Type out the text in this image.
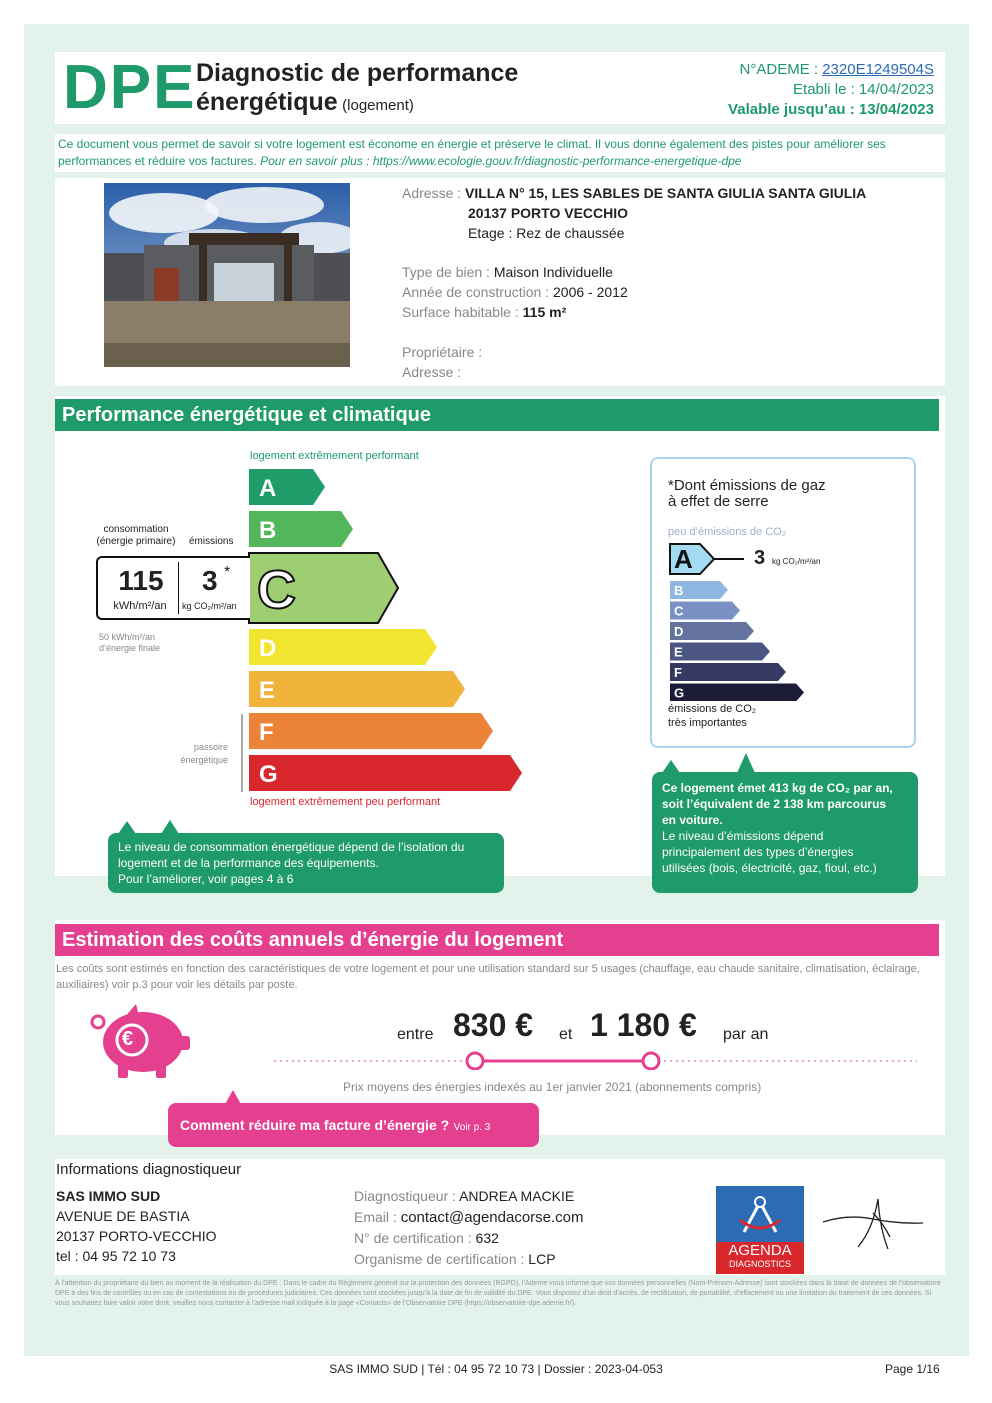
DPE Diagnostic de performance
énergétique (logement)
N°ADEME : 2320E1249504S
Etabli le : 14/04/2023
Valable jusqu’au : 13/04/2023
Ce document vous permet de savoir si votre logement est économe en énergie et préserve le climat. Il vous donne également des pistes pour améliorer ses performances et réduire vos factures. Pour en savoir plus : https://www.ecologie.gouv.fr/diagnostic-performance-energetique-dpe
Adresse : VILLA N° 15, LES SABLES DE SANTA GIULIA SANTA GIULIA
20137 PORTO VECCHIO
Etage : Rez de chaussée
Type de bien : Maison Individuelle
Année de construction : 2006 - 2012
Surface habitable : 115 m²
Propriétaire :
Adresse :
Performance énergétique et climatique
logement extrêmement performant
logement extrêmement peu performant
A
B
C
D
E
F
G
consommation
(énergie primaire) émissions
115
kWh/m²/an
3 *
kg CO₂/m²/an
50 kWh/m²/an
d’énergie finale
passoire
énergétique
Le niveau de consommation énergétique dépend de l’isolation du
logement et de la performance des équipements.
Pour l’améliorer, voir pages 4 à 6
*Dont émissions de gaz
à effet de serre
peu d’émissions de CO₂
A
B
C
D
E
F
G
3 kg CO₂/m²/an
émissions de CO₂
très importantes
Ce logement émet 413 kg de CO₂ par an,
soit l’équivalent de 2 138 km parcourus
en voiture.
Le niveau d’émissions dépend
principalement des types d’énergies
utilisées (bois, électricité, gaz, fioul, etc.)
Estimation des coûts annuels d’énergie du logement
Les coûts sont estimés en fonction des caractéristiques de votre logement et pour une utilisation standard sur 5 usages (chauffage, eau chaude sanitaire, climatisation, éclairage, auxiliaires) voir p.3 pour voir les détails par poste.
€	entre 830 € et 1 180 € par an
Prix moyens des énergies indexés au 1er janvier 2021 (abonnements compris)
Comment réduire ma facture d’énergie ? Voir p. 3
Informations diagnostiqueur
SAS IMMO SUD
AVENUE DE BASTIA
20137 PORTO-VECCHIO
tel : 04 95 72 10 73
Diagnostiqueur : ANDREA MACKIE
Email : contact@agendacorse.com
N° de certification : 632
Organisme de certification : LCP	AGENDA
DIAGNOSTICS
À l’attention du propriétaire du bien au moment de la réalisation du DPE : Dans le cadre du Règlement général sur la protection des données (RGPD), l’Ademe vous informe que vos données personnelles (Nom-Prénom-Adresse) sont stockées dans la base de données de l’observatoire DPE à des fins de contrôles ou en cas de contestations ou de procédures judiciaires. Ces données sont stockées jusqu’à la date de fin de validité du DPE. Vous disposez d’un droit d’accès, de rectification, de portabilité, d’effacement ou une limitation du traitement de ces données. Si vous souhaitez faire valoir votre droit, veuillez nous contacter à l’adresse mail indiquée à la page «Contacts» de l’Observatoire DPE (https://observatoire-dpe.ademe.fr/).
SAS IMMO SUD | Tél : 04 95 72 10 73 | Dossier : 2023-04-053	Page 1/16
